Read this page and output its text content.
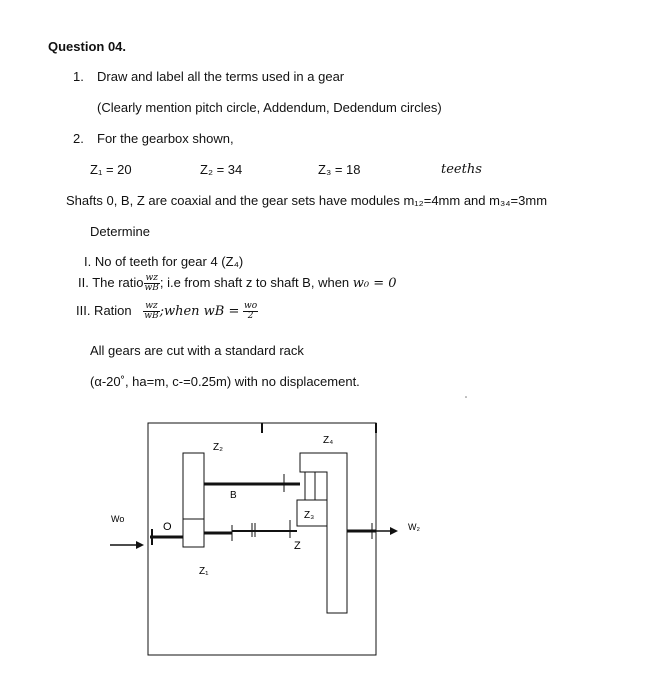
Question 04.
1. Draw and label all the terms used in a gear
(Clearly mention pitch circle, Addendum, Dedendum circles)
2. For the gearbox shown,
Z₁ = 20	Z₂ = 34	Z₃ = 18	teeths
Shafts 0, B, Z are coaxial and the gear sets have modules m₁₂=4mm and m₃₄=3mm
Determine
I. No of teeth for gear 4 (Z₄)
II. The ratio $\frac{\text{wᴢ}}{wB}$ ; i.e from shaft z to shaft B, when w₀ = 0
III. Ration $\frac{\text{wᴢ}}{wB}$ ;when wB = $\frac{wo}{2}$
All gears are cut with a standard rack
(α-20˚, ha=m, c-=0.25m) with no displacement.
Z₂
Z₄
B
Wo
O
Z₃
W₂
Z
Z₁
